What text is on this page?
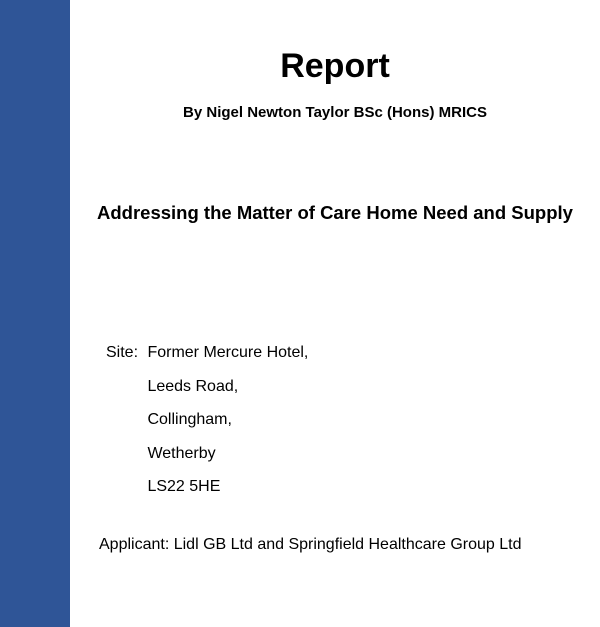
Report
By Nigel Newton Taylor BSc (Hons) MRICS
Addressing the Matter of Care Home Need and Supply
Site: Former Mercure Hotel,
Leeds Road,
Collingham,
Wetherby
LS22 5HE
Applicant: Lidl GB Ltd and Springfield Healthcare Group Ltd
